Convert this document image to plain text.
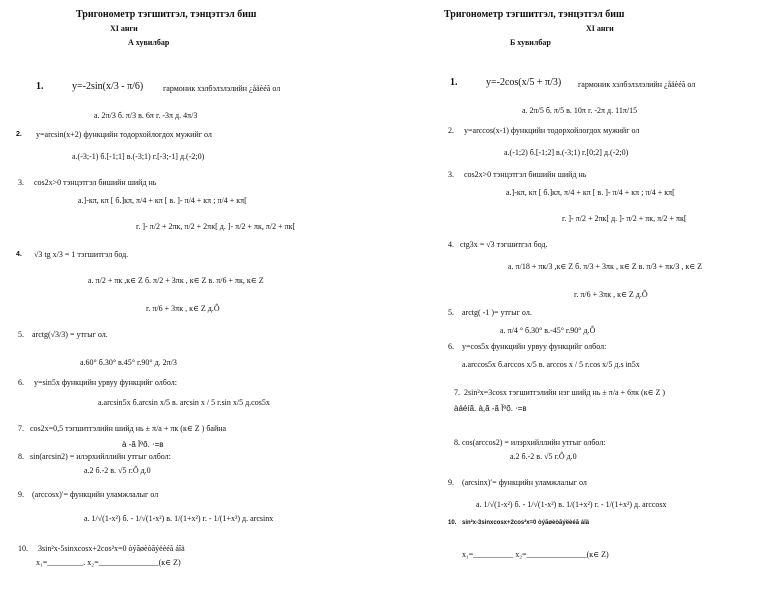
Тригонометр тэгшитгэл, тэнцэтгэл биш
XI анги
А хувилбар
1.	y=-2sin(x/3 - π/6) гармоник хэлбэлзлэлийн ¿åäèéã ол
a. 2π/3 б. π/3 в. 6π г. -3π д. 4π/3
2. y=arcsin(x+2) функцийн тодорхойлогдох мужийг ол
а.(-3;-1) б.[-1;1] в.(-3;1) г.[-3;-1] д.(-2;0)
3. cos2x>0 тэнцэтгэл бишийн шийд нь
а.]-кπ, кπ [ б.]кπ, π/4 + кπ [ в. ]- π/4 + кπ ; π/4 + кπ[
г. ]- π/2 + 2πк, π/2 + 2πк[ д. ]- π/2 + πк, π/2 + πк[
4. √3 tg x/3 = 1 тэгшитгэл бод.
а. π/2 + πк ,к∈ Z б. π/2 + 3πк , к∈ Z в. π/6 + πк, к∈ Z
г. π/6 + 3πк , к∈ Z д.Ô
5. arctg(√3/3) = утгыг ол.
а.60° б.30° в.45° г.90° д. 2π/3
6. y=sin5x функцийн урвуу функцийг олбол:
а.arcsin5x б.arcsin x/5 в. arcsin x / 5 г.sin x/5 д.cos5x
7. cos2x=0,5 тэгшитгэлийн шийд нь ± π/a + πк (к∈ Z ) байна
à -ã Ïºõ. ⋅=в
8. sin(arcsin2) = илэрхийллийн утгыг олбол:
а.2 б.-2 в. √5 г.Ô д.0
9. (arccosx)′= функцийн уламжлалыг ол
а. 1/√(1-x²) б. - 1/√(1-x²) в. 1/(1+x²) г. - 1/(1+x²) д. arcsinx
10. 3sin²x-5sinxcosx+2cos²x=0 òýãøèòãýëèéã áîä
x₁=_________. x₂=_______________(к∈ Z)
Тригонометр тэгшитгэл, тэнцэтгэл биш
XI анги
Б хувилбар
1.	y=-2cos(x/5 + π/3) гармоник хэлбэлзлэлийн ¿åäèéã ол
а. 2π/5 б. π/5 в. 10π г. -2π д. 11π/15
2. y=arccos(x-1) функцийн тодорхойлогдох мужийг ол
а.(-1;2) б.[-1;2] в.(-3;1) г.[0;2] д.(-2;0)
3. cos2x>0 тэнцэтгэл бишийн шийд нь
а.]-кπ, кπ [ б.]кπ, π/4 + кπ [ в. ]- π/4 + кπ ; π/4 + кπ[
г. ]- π/2 + 2πк[ д. ]- π/2 + πк, π/2 + πк[
4. ctg3x = √3 тэгшитгэл бод.
а. π/18 + πк/3 ,к∈ Z б. π/3 + 3πк , к∈ Z в. π/3 + πк/3 , к∈ Z
г. π/6 + 3πк , к∈ Z д.Ô
5. arctg( -1 )= утгыг ол.
а. π/4 ° б.30° в.-45° г.90° д.Ô
6. y=cos5x функцийн урвуу функцийг олбол:
а.arccos5x б.arccos x/5 в. arccos x / 5 г.cos x/5 д.s in5x
7. 2sin²x=3cosx тэгшитгэлийн нэг шийд нь ± π/a + 6πк (к∈ Z )
àáéíã. à,ã -ã Ïºõ. ⋅=в
8. cos(arccos2) = илэрхийллийн утгыг олбол:
а.2 б.-2 в. √5 г.Ô д.0
9. (arcsinx)′= функцийн уламжлалыг ол
а. 1/√(1-x²) б. - 1/√(1-x²) в. 1/(1+x²) г. - 1/(1+x²) д. arccosx
10. sin²x-3sinxcosx+2cos²x=0 òýãøèòãýëèéã áîä
x₁=__________ x₂=_______________(к∈ Z)
